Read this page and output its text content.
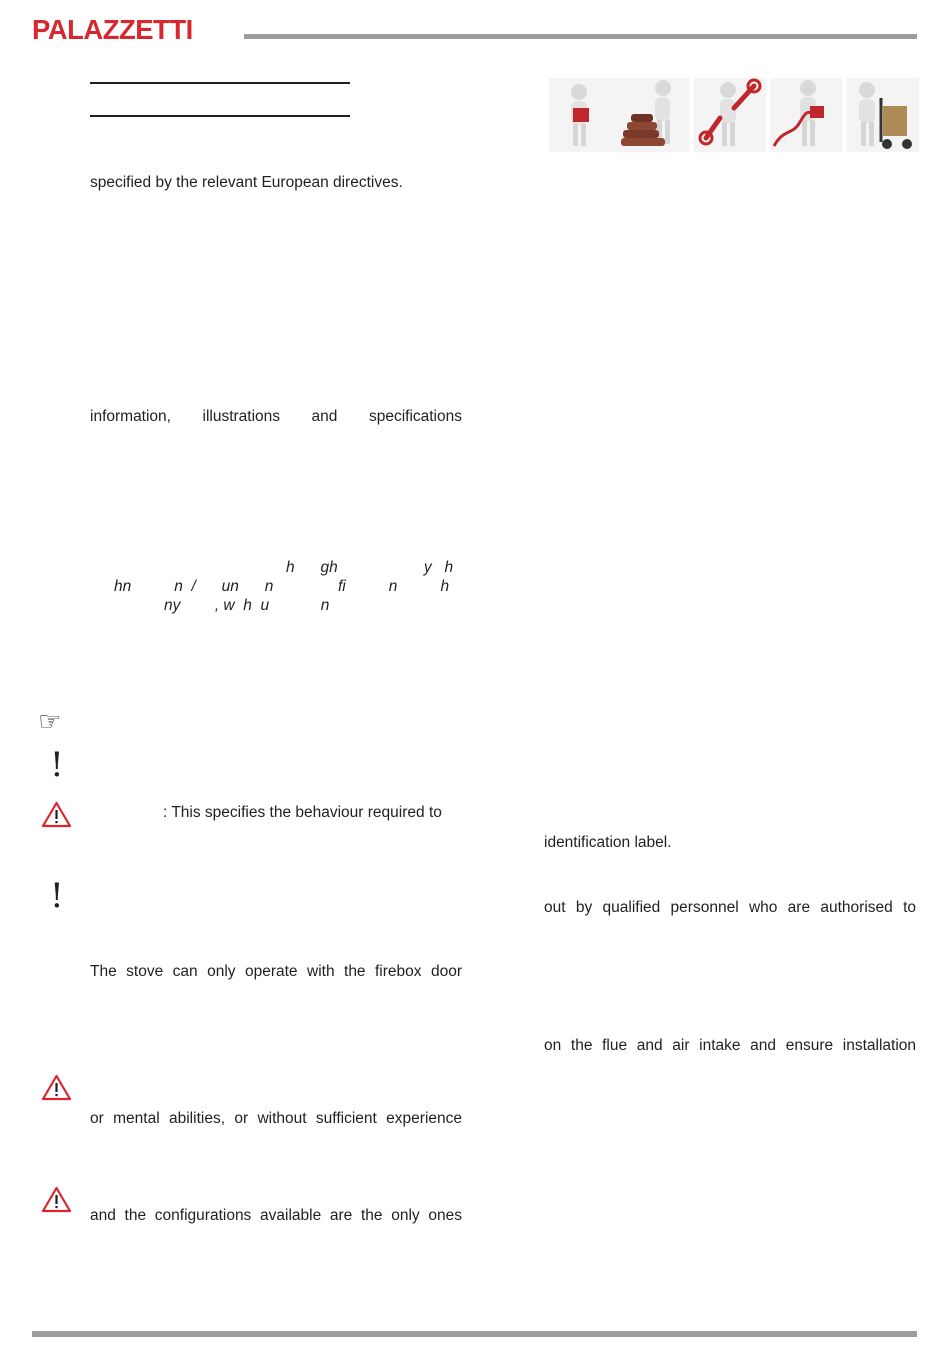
PALAZZETTI
specified by the relevant European directives.
information, illustrations and specifications
h      gh                    y   h
hn          n  /      un      n               fi          n          h
ny        , w  h  u            n
☞
!
: This specifies the behaviour required to
!
The stove can only operate with the firebox door
or mental abilities, or without sufficient experience
and the configurations available are the only ones
identification label.
out by qualified personnel who are authorised to
on the flue and air intake and ensure installation
